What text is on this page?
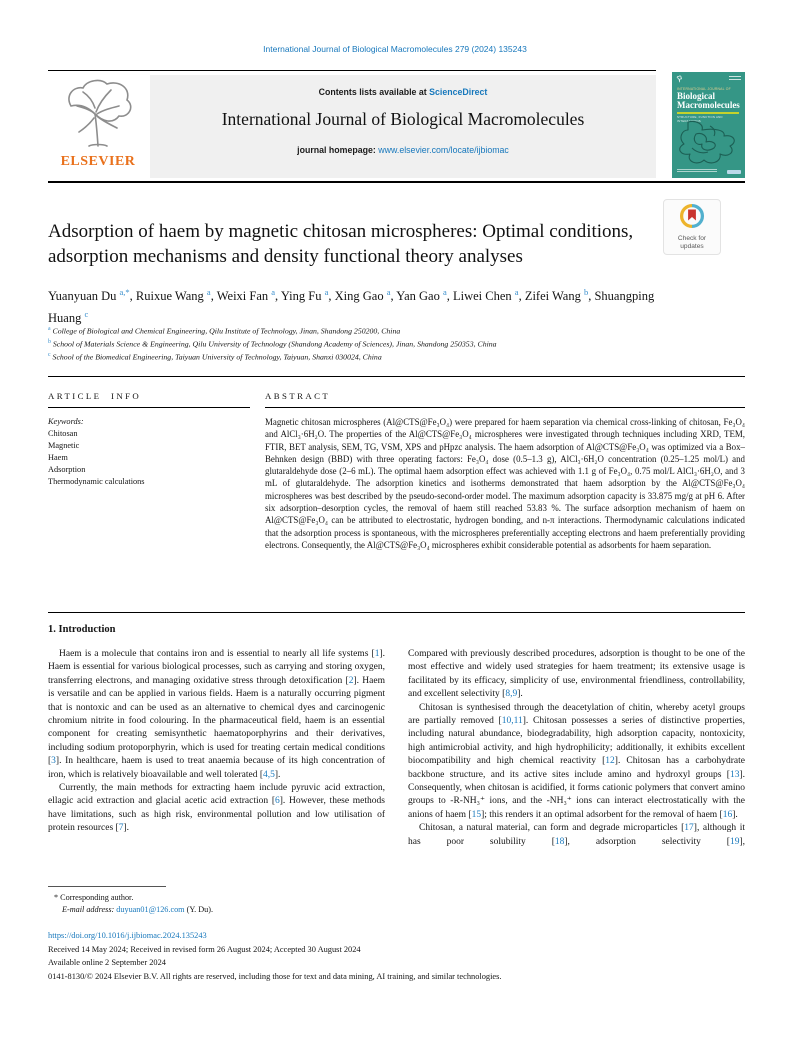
International Journal of Biological Macromolecules 279 (2024) 135243
ELSEVIER
Contents lists available at ScienceDirect
International Journal of Biological Macromolecules
journal homepage: www.elsevier.com/locate/ijbiomac
INTERNATIONAL JOURNAL OF
Biological
Macromolecules
STRUCTURE, FUNCTION AND INTERACTIONS
Check for updates
Adsorption of haem by magnetic chitosan microspheres: Optimal conditions, adsorption mechanisms and density functional theory analyses
Yuanyuan Du $^{a,*}$, Ruixue Wang $^a$, Weixi Fan $^a$, Ying Fu $^a$, Xing Gao $^a$, Yan Gao $^a$, Liwei Chen $^a$, Zifei Wang $^b$, Shuangping Huang $^c$
$^a$ College of Biological and Chemical Engineering, Qilu Institute of Technology, Jinan, Shandong 250200, China
$^b$ School of Materials Science & Engineering, Qilu University of Technology (Shandong Academy of Sciences), Jinan, Shandong 250353, China
$^c$ School of the Biomedical Engineering, Taiyuan University of Technology, Taiyuan, Shanxi 030024, China
ARTICLE INFO
Keywords:
Chitosan
Magnetic
Haem
Adsorption
Thermodynamic calculations
ABSTRACT
Magnetic chitosan microspheres (Al@CTS@Fe₃O₄) were prepared for haem separation via chemical cross-linking of chitosan, Fe₃O₄ and AlCl₃·6H₂O. The properties of the Al@CTS@Fe₃O₄ microspheres were investigated through techniques including XRD, TEM, FTIR, BET analysis, SEM, TG, VSM, XPS and pHpzc analysis. The haem adsorption of Al@CTS@Fe₃O₄ was optimized via a Box–Behnken design (BBD) with three operating factors: Fe₃O₄ dose (0.5–1.3 g), AlCl₃·6H₂O concentration (0.25–1.25 mol/L) and glutaraldehyde dose (2–6 mL). The optimal haem adsorption effect was achieved with 1.1 g of Fe₃O₄, 0.75 mol/L AlCl₃·6H₂O, and 3 mL of glutaraldehyde. The adsorption kinetics and isotherms demonstrated that haem adsorption by the Al@CTS@Fe₃O₄ microspheres was best described by the pseudo-second-order model. The maximum adsorption capacity is 33.875 mg/g at pH 6. After six adsorption–desorption cycles, the removal of haem still reached 53.83 %. The surface adsorption mechanism of haem on Al@CTS@Fe₃O₄ can be attributed to electrostatic, hydrogen bonding, and n-π interactions. Thermodynamic calculations indicated that the adsorption process is spontaneous, with the microspheres preferentially accepting electrons and haem preferentially providing electrons. Consequently, the Al@CTS@Fe₃O₄ microspheres exhibit considerable potential as adsorbents for haem separation.
1. Introduction

Haem is a molecule that contains iron and is essential to nearly all life systems [1]. Haem is essential for various biological processes, such as carrying and storing oxygen, transferring electrons, and managing oxidative stress through detoxification [2]. Haem is versatile and can be applied in various fields. Haem is a naturally occurring pigment that is nontoxic and can be used as an alternative to chemical dyes and carcinogenic chromium nitrite in food colouring. In the pharmaceutical field, haem is an essential component for creating semisynthetic haematoporphyrins and their derivatives, including sodium protoporphyrin, which is used for treating certain medical conditions [3]. In healthcare, haem is used to treat anaemia because of its high concentration of iron, which is relatively bioavailable and well tolerated [4,5].

Currently, the main methods for extracting haem include pyruvic acid extraction, ellagic acid extraction and glacial acetic acid extraction [6]. However, these methods have limitations, such as high risk, environmental pollution and low utilisation of protein resources [7].

Compared with previously described procedures, adsorption is thought to be one of the most effective and widely used strategies for haem treatment; its extensive usage is facilitated by its efficacy, simplicity of use, environmental friendliness, controllability, and excellent selectivity [8,9].

Chitosan is synthesised through the deacetylation of chitin, whereby acetyl groups are partially removed [10,11]. Chitosan possesses a series of distinctive properties, including natural abundance, biodegradability, high adsorption capacity, nontoxicity, high antimicrobial activity, and high hydrophilicity; additionally, it exhibits excellent biocompatibility and high chemical reactivity [12]. Chitosan has a carbohydrate backbone structure, and its active sites include amino and hydroxyl groups [13]. Consequently, when chitosan is acidified, it forms cationic polymers that convert amino groups to -R-NH₃⁺ ions, and the -NH₃⁺ ions can interact electrostatically with the anions of haem [15]; this renders it an optimal adsorbent for the removal of haem [16].

Chitosan, a natural material, can form and degrade microparticles [17], although it has poor solubility [18], adsorption selectivity [19],

* Corresponding author.
E-mail address: duyuan01@126.com (Y. Du).
https://doi.org/10.1016/j.ijbiomac.2024.135243
Received 14 May 2024; Received in revised form 26 August 2024; Accepted 30 August 2024
Available online 2 September 2024
0141-8130/© 2024 Elsevier B.V. All rights are reserved, including those for text and data mining, AI training, and similar technologies.
